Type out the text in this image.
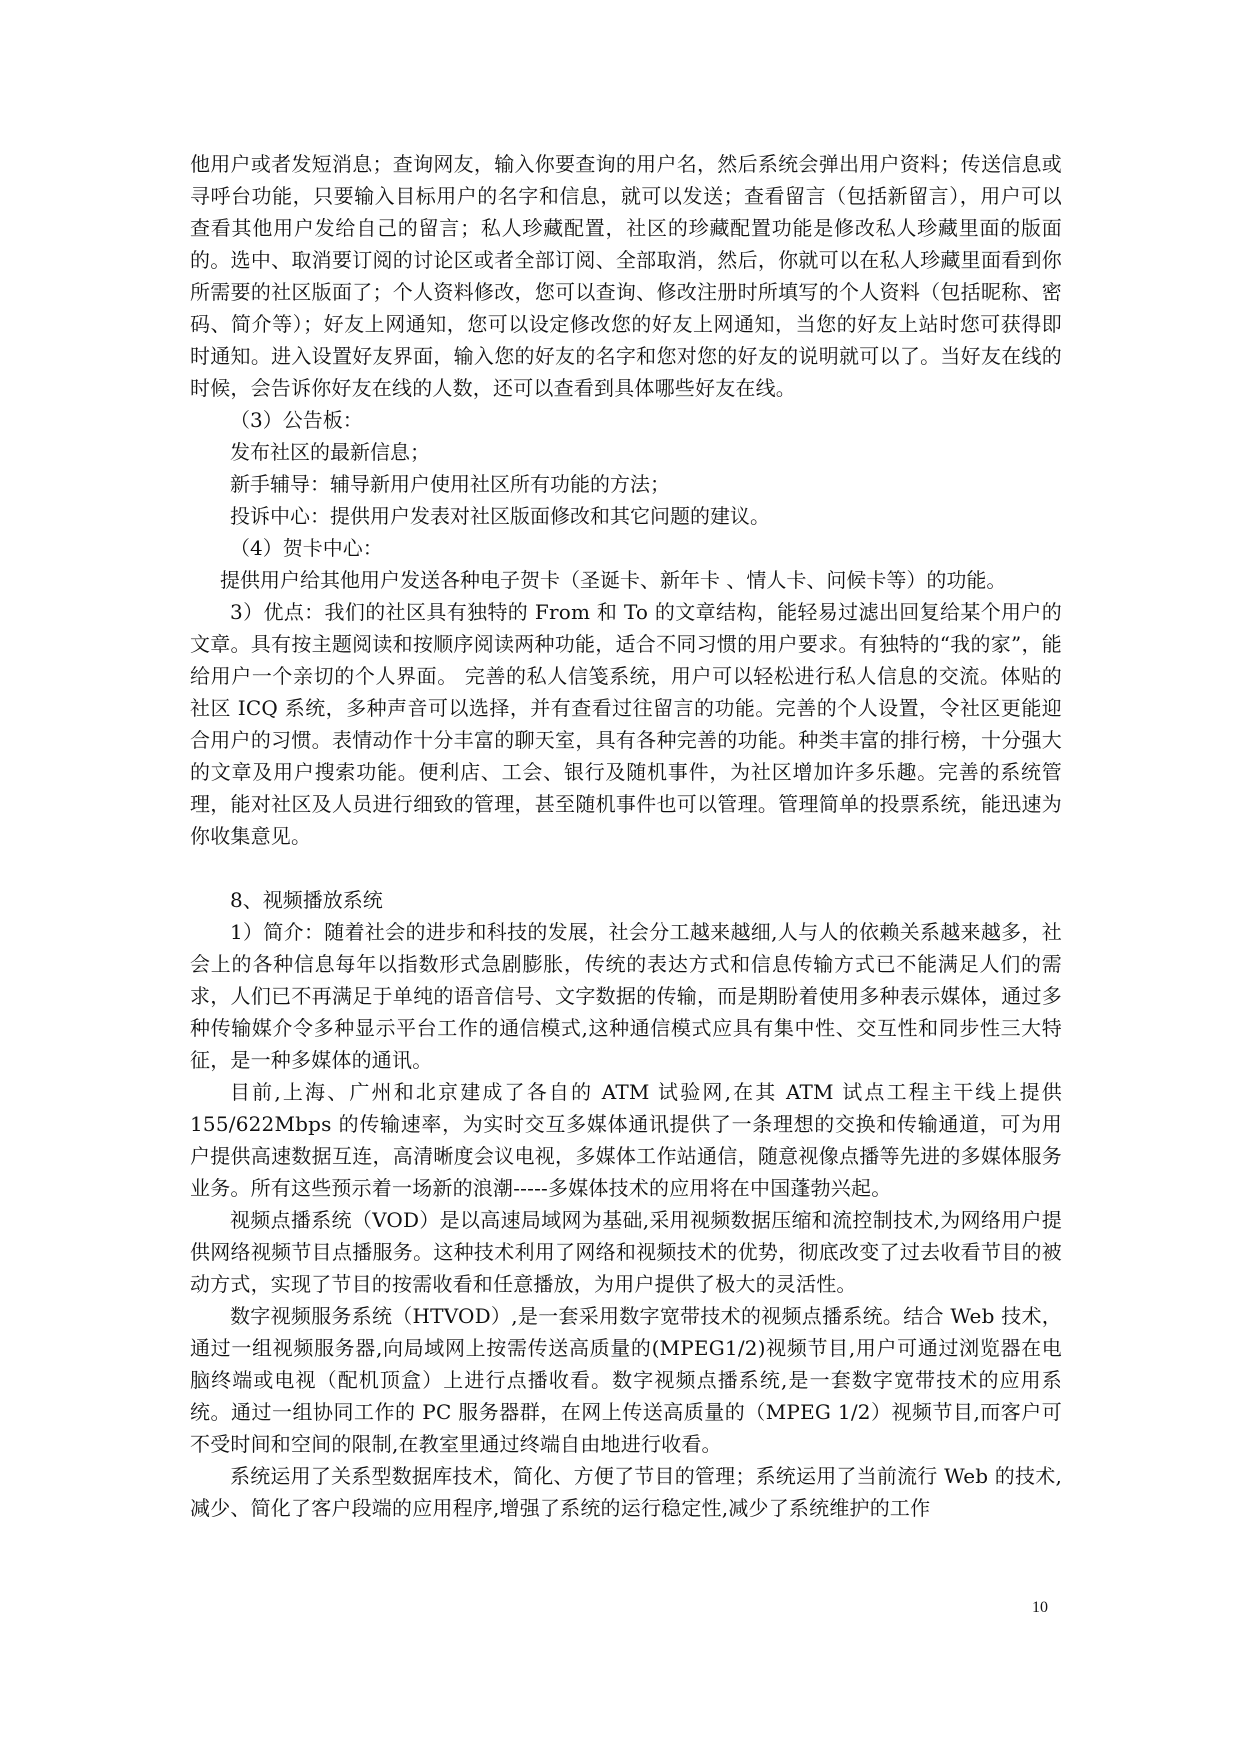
他用户或者发短消息；查询网友，输入你要查询的用户名，然后系统会弹出用户资料；传送信息或寻呼台功能，只要输入目标用户的名字和信息，就可以发送；查看留言（包括新留言），用户可以查看其他用户发给自己的留言；私人珍藏配置，社区的珍藏配置功能是修改私人珍藏里面的版面的。选中、取消要订阅的讨论区或者全部订阅、全部取消，然后，你就可以在私人珍藏里面看到你所需要的社区版面了；个人资料修改，您可以查询、修改注册时所填写的个人资料（包括昵称、密码、简介等）；好友上网通知，您可以设定修改您的好友上网通知，当您的好友上站时您可获得即时通知。进入设置好友界面，输入您的好友的名字和您对您的好友的说明就可以了。当好友在线的时候，会告诉你好友在线的人数，还可以查看到具体哪些好友在线。

（3）公告板：
发布社区的最新信息；
新手辅导：辅导新用户使用社区所有功能的方法；
投诉中心：提供用户发表对社区版面修改和其它问题的建议。
（4）贺卡中心：
提供用户给其他用户发送各种电子贺卡（圣诞卡、新年卡 、情人卡、问候卡等）的功能。

3）优点：我们的社区具有独特的 From 和 To 的文章结构，能轻易过滤出回复给某个用户的文章。具有按主题阅读和按顺序阅读两种功能，适合不同习惯的用户要求。有独特的“我的家”，能给用户一个亲切的个人界面。 完善的私人信笺系统，用户可以轻松进行私人信息的交流。体贴的社区 ICQ 系统，多种声音可以选择，并有查看过往留言的功能。完善的个人设置，令社区更能迎合用户的习惯。表情动作十分丰富的聊天室，具有各种完善的功能。种类丰富的排行榜，十分强大的文章及用户搜索功能。便利店、工会、银行及随机事件，为社区增加许多乐趣。完善的系统管理，能对社区及人员进行细致的管理，甚至随机事件也可以管理。管理简单的投票系统，能迅速为你收集意见。

8、视频播放系统

1）简介：随着社会的进步和科技的发展，社会分工越来越细,人与人的依赖关系越来越多，社会上的各种信息每年以指数形式急剧膨胀，传统的表达方式和信息传输方式已不能满足人们的需求，人们已不再满足于单纯的语音信号、文字数据的传输，而是期盼着使用多种表示媒体，通过多种传输媒介令多种显示平台工作的通信模式,这种通信模式应具有集中性、交互性和同步性三大特征，是一种多媒体的通讯。

目前,上海、广州和北京建成了各自的 ATM 试验网,在其 ATM 试点工程主干线上提供 155/622Mbps 的传输速率，为实时交互多媒体通讯提供了一条理想的交换和传输通道，可为用户提供高速数据互连，高清晰度会议电视，多媒体工作站通信，随意视像点播等先进的多媒体服务业务。所有这些预示着一场新的浪潮-----多媒体技术的应用将在中国蓬勃兴起。

视频点播系统（VOD）是以高速局域网为基础,采用视频数据压缩和流控制技术,为网络用户提供网络视频节目点播服务。这种技术利用了网络和视频技术的优势，彻底改变了过去收看节目的被动方式，实现了节目的按需收看和任意播放，为用户提供了极大的灵活性。

数字视频服务系统（HTVOD）,是一套采用数字宽带技术的视频点播系统。结合 Web 技术，通过一组视频服务器,向局域网上按需传送高质量的(MPEG1/2)视频节目,用户可通过浏览器在电脑终端或电视（配机顶盒）上进行点播收看。数字视频点播系统,是一套数字宽带技术的应用系统。通过一组协同工作的 PC 服务器群，在网上传送高质量的（MPEG 1/2）视频节目,而客户可不受时间和空间的限制,在教室里通过终端自由地进行收看。

系统运用了关系型数据库技术，简化、方便了节目的管理；系统运用了当前流行 Web 的技术,减少、简化了客户段端的应用程序,增强了系统的运行稳定性,减少了系统维护的工作

10
